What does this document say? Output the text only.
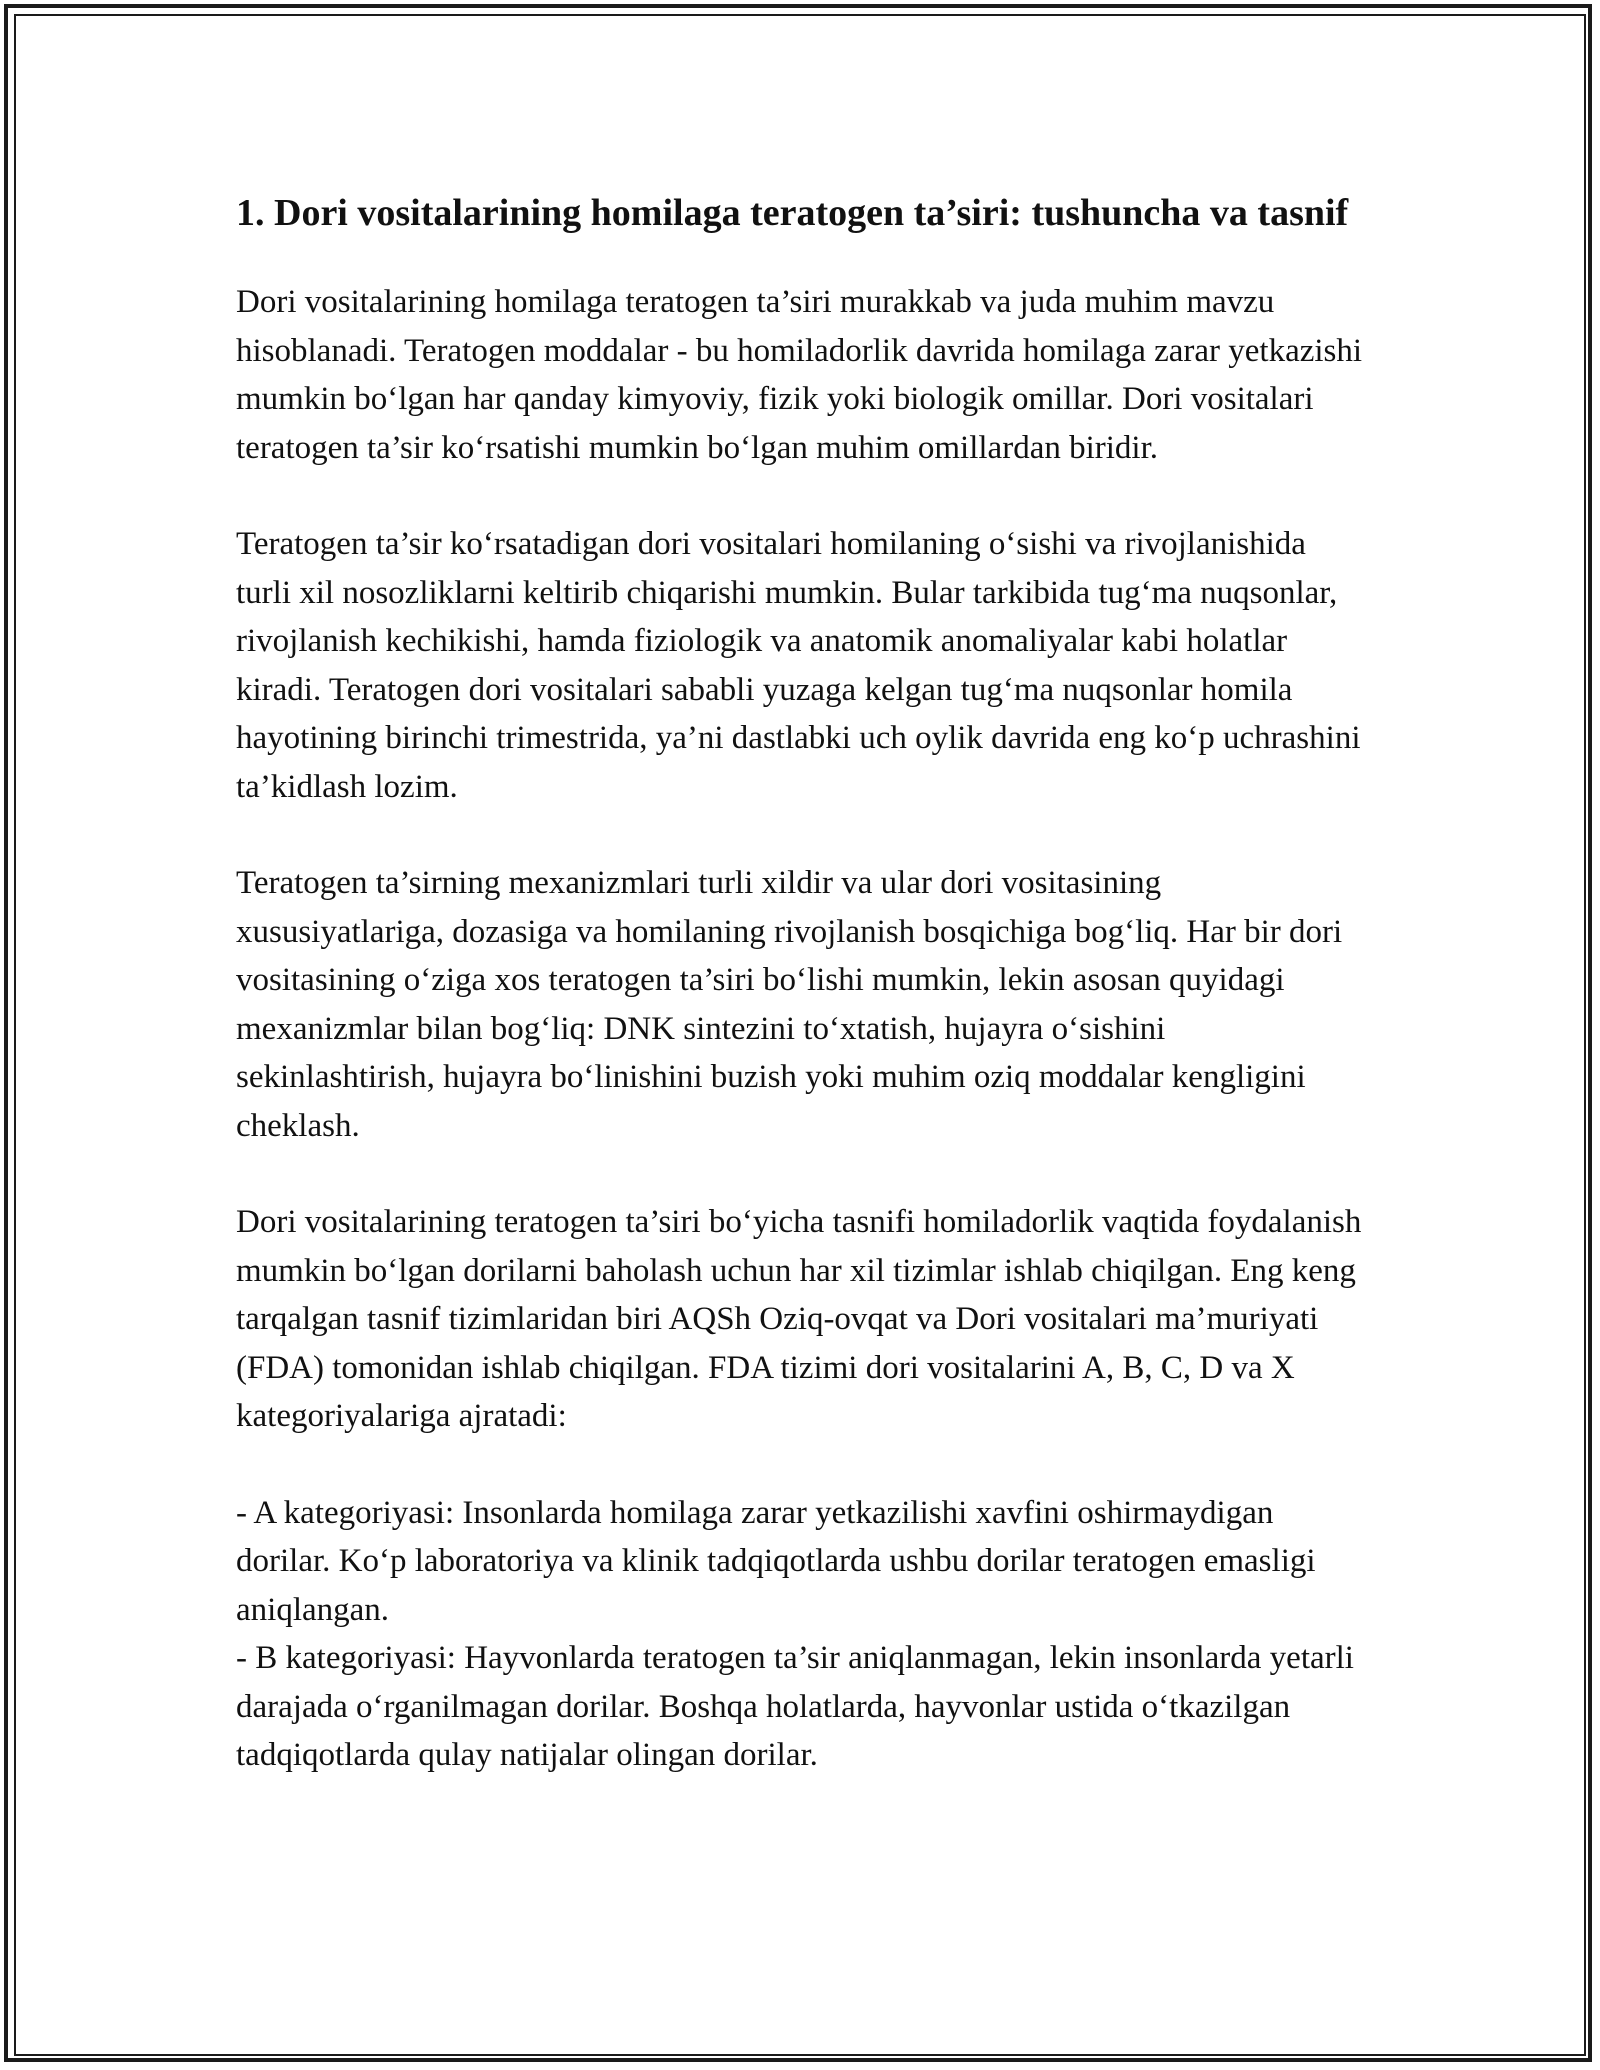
1. Dori vositalarining homilaga teratogen ta’siri: tushuncha va tasnif

Dori vositalarining homilaga teratogen ta’siri murakkab va juda muhim mavzu hisoblanadi. Teratogen moddalar - bu homiladorlik davrida homilaga zarar yetkazishi mumkin bo‘lgan har qanday kimyoviy, fizik yoki biologik omillar. Dori vositalari teratogen ta’sir ko‘rsatishi mumkin bo‘lgan muhim omillardan biridir.

Teratogen ta’sir ko‘rsatadigan dori vositalari homilaning o‘sishi va rivojlanishida turli xil nosozliklarni keltirib chiqarishi mumkin. Bular tarkibida tug‘ma nuqsonlar, rivojlanish kechikishi, hamda fiziologik va anatomik anomaliyalar kabi holatlar kiradi. Teratogen dori vositalari sababli yuzaga kelgan tug‘ma nuqsonlar homila hayotining birinchi trimestrida, ya’ni dastlabki uch oylik davrida eng ko‘p uchrashini ta’kidlash lozim.

Teratogen ta’sirning mexanizmlari turli xildir va ular dori vositasining xususiyatlariga, dozasiga va homilaning rivojlanish bosqichiga bog‘liq. Har bir dori vositasining o‘ziga xos teratogen ta’siri bo‘lishi mumkin, lekin asosan quyidagi mexanizmlar bilan bog‘liq: DNK sintezini to‘xtatish, hujayra o‘sishini sekinlashtirish, hujayra bo‘linishini buzish yoki muhim oziq moddalar kengligini cheklash.

Dori vositalarining teratogen ta’siri bo‘yicha tasnifi homiladorlik vaqtida foydalanish mumkin bo‘lgan dorilarni baholash uchun har xil tizimlar ishlab chiqilgan. Eng keng tarqalgan tasnif tizimlaridan biri AQSh Oziq-ovqat va Dori vositalari ma’muriyati (FDA) tomonidan ishlab chiqilgan. FDA tizimi dori vositalarini A, B, C, D va X kategoriyalariga ajratadi:

- A kategoriyasi: Insonlarda homilaga zarar yetkazilishi xavfini oshirmaydigan dorilar. Ko‘p laboratoriya va klinik tadqiqotlarda ushbu dorilar teratogen emasligi aniqlangan.

- B kategoriyasi: Hayvonlarda teratogen ta’sir aniqlanmagan, lekin insonlarda yetarli darajada o‘rganilmagan dorilar. Boshqa holatlarda, hayvonlar ustida o‘tkazilgan tadqiqotlarda qulay natijalar olingan dorilar.
